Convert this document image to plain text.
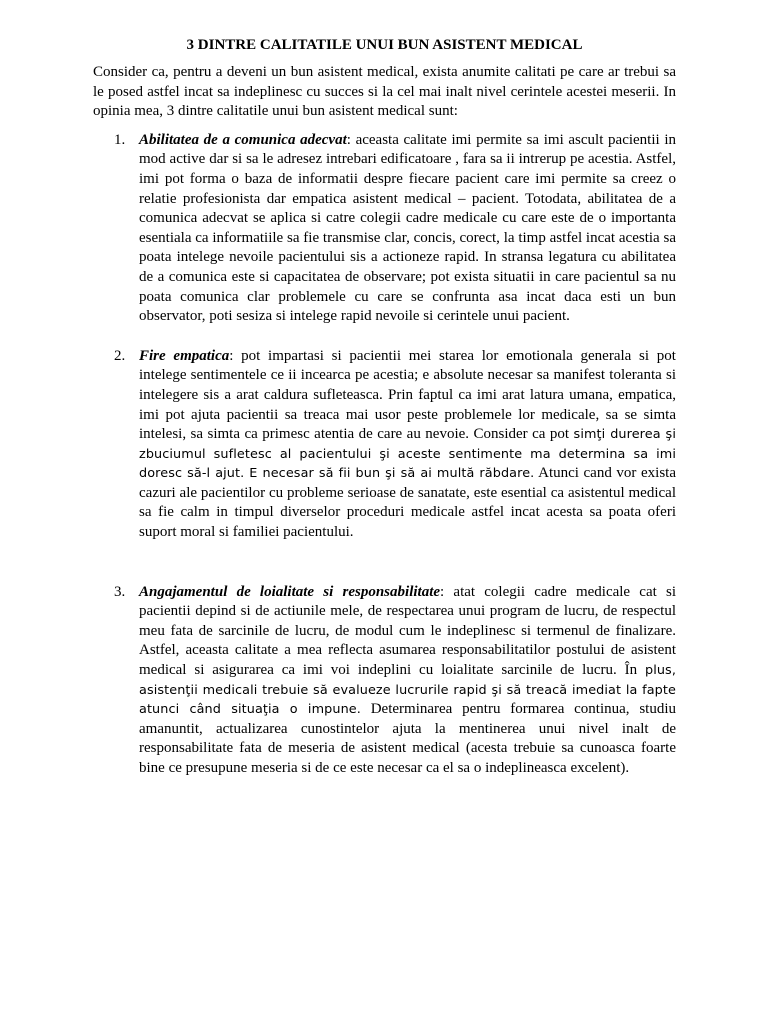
3 DINTRE CALITATILE UNUI BUN ASISTENT MEDICAL

Consider ca, pentru a deveni un bun asistent medical, exista anumite calitati pe care ar trebui sa le posed astfel incat sa indeplinesc cu succes si la cel mai inalt nivel cerintele acestei meserii. In opinia mea, 3 dintre calitatile unui bun asistent medical sunt:

1. Abilitatea de a comunica adecvat: aceasta calitate imi permite sa imi ascult pacientii in mod active dar si sa le adresez intrebari edificatoare , fara sa ii intrerup pe acestia. Astfel, imi pot forma o baza de informatii despre fiecare pacient care imi permite sa creez o relatie profesionista dar empatica asistent medical – pacient. Totodata, abilitatea de a comunica adecvat se aplica si catre colegii cadre medicale cu care este de o importanta esentiala ca informatiile sa fie transmise clar, concis, corect, la timp astfel incat acestia sa poata intelege nevoile pacientului sis a actioneze rapid. In stransa legatura cu abilitatea de a comunica este si capacitatea de observare; pot exista situatii in care pacientul sa nu poata comunica clar problemele cu care se confrunta asa incat daca esti un bun observator, poti sesiza si intelege rapid nevoile si cerintele unui pacient.
2. Fire empatica: pot impartasi si pacientii mei starea lor emotionala generala si pot intelege sentimentele ce ii incearca pe acestia; e absolute necesar sa manifest toleranta si intelegere sis a arat caldura sufleteasca. Prin faptul ca imi arat latura umana, empatica, imi pot ajuta pacientii sa treaca mai usor peste problemele lor medicale, sa se simta intelesi, sa simta ca primesc atentia de care au nevoie. Consider ca pot simţi durerea şi zbuciumul sufletesc al pacientului şi aceste sentimente ma determina sa imi doresc să-l ajut. E necesar să fii bun şi să ai multă răbdare. Atunci cand vor exista cazuri ale pacientilor cu probleme serioase de sanatate, este esential ca asistentul medical sa fie calm in timpul diverselor proceduri medicale astfel incat acesta sa poata oferi suport moral si familiei pacientului.
3. Angajamentul de loialitate si responsabilitate: atat colegii cadre medicale cat si pacientii depind si de actiunile mele, de respectarea unui program de lucru, de respectul meu fata de sarcinile de lucru, de modul cum le indeplinesc si termenul de finalizare. Astfel, aceasta calitate a mea reflecta asumarea responsabilitatilor postului de asistent medical si asigurarea ca imi voi indeplini cu loialitate sarcinile de lucru. În plus, asistenţii medicali trebuie să evalueze lucrurile rapid şi să treacă imediat la fapte atunci când situaţia o impune. Determinarea pentru formarea continua, studiu amanuntit, actualizarea cunostintelor ajuta la mentinerea unui nivel inalt de responsabilitate fata de meseria de asistent medical (acesta trebuie sa cunoasca foarte bine ce presupune meseria si de ce este necesar ca el sa o indeplineasca excelent).
